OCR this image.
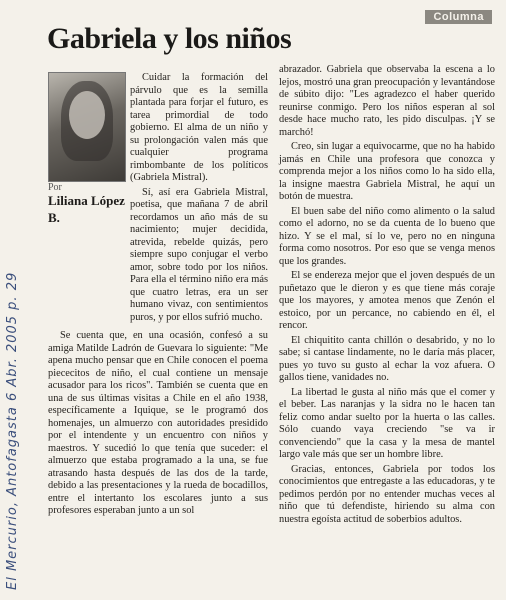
Columna
Gabriela y los niños
Por
Liliana López B.

Cuidar la formación del párvulo que es la semilla plantada para forjar el futuro, es tarea primordial de todo gobierno. El alma de un niño y su prolongación valen más que cualquier programa rimbombante de los políticos (Gabriela Mistral).

Sí, así era Gabriela Mistral, poetisa, que mañana 7 de abril recordamos un año más de su nacimiento; mujer decidida, atrevida, rebelde quizás, pero siempre supo conjugar el verbo amor, sobre todo por los niños. Para ella el término niño era más que cuatro letras, era un ser humano vivaz, con sentimientos puros, y por ellos sufrió mucho.

Se cuenta que, en una ocasión, confesó a su amiga Matilde Ladrón de Guevara lo siguiente: "Me apena mucho pensar que en Chile conocen el poema piececitos de niño, el cual contiene un mensaje acusador para los ricos". También se cuenta que en una de sus últimas visitas a Chile en el año 1938, específicamente a Iquique, se le programó dos homenajes, un almuerzo con autoridades presidido por el intendente y un encuentro con niños y maestros. Y sucedió lo que tenía que suceder: el almuerzo que estaba programado a la una, se fue atrasando hasta después de las dos de la tarde, debido a las presentaciones y la rueda de bocadillos, entre el intertanto los escolares junto a sus profesores esperaban junto a un sol

abrazador. Gabriela que observaba la escena a lo lejos, mostró una gran preocupación y levantándose de súbito dijo: "Les agradezco el haber querido reunirse conmigo. Pero los niños esperan al sol desde hace mucho rato, les pido disculpas. ¡Y se marchó!

Creo, sin lugar a equivocarme, que no ha habido jamás en Chile una profesora que conozca y comprenda mejor a los niños como lo ha sido ella, la insigne maestra Gabriela Mistral, he aquí un botón de muestra.

El buen sabe del niño como alimento o la salud como el adorno, no se da cuenta de lo bueno que hizo. Y se el mal, sí lo ve, pero no en ninguna forma como nosotros. Por eso que se venga menos que los grandes.

El se endereza mejor que el joven después de un puñetazo que le dieron y es que tiene más coraje que los mayores, y amotea menos que Zenón el estoico, por un percance, no cabiendo en él, el rencor.

El chiquitito canta chillón o desabrido, y no lo sabe; si cantase lindamente, no le daría más placer, pues yo tuvo su gusto al echar la voz afuera. O gallos tiene, vanidades no.

La libertad le gusta al niño más que el comer y el beber. Las naranjas y la sidra no le hacen tan feliz como andar suelto por la huerta o las calles. Sólo cuando vaya creciendo "se va ir convenciendo" que la casa y la mesa de mantel largo vale más que ser un hombre libre.

Gracias, entonces, Gabriela por todos los conocimientos que entregaste a las educadoras, y te pedimos perdón por no entender muchas veces al niño que tú defendiste, hiriendo su alma con nuestra egoísta actitud de soberbios adultos.

El Mercurio, Antofagasta 6 Abr. 2005 p. 29
